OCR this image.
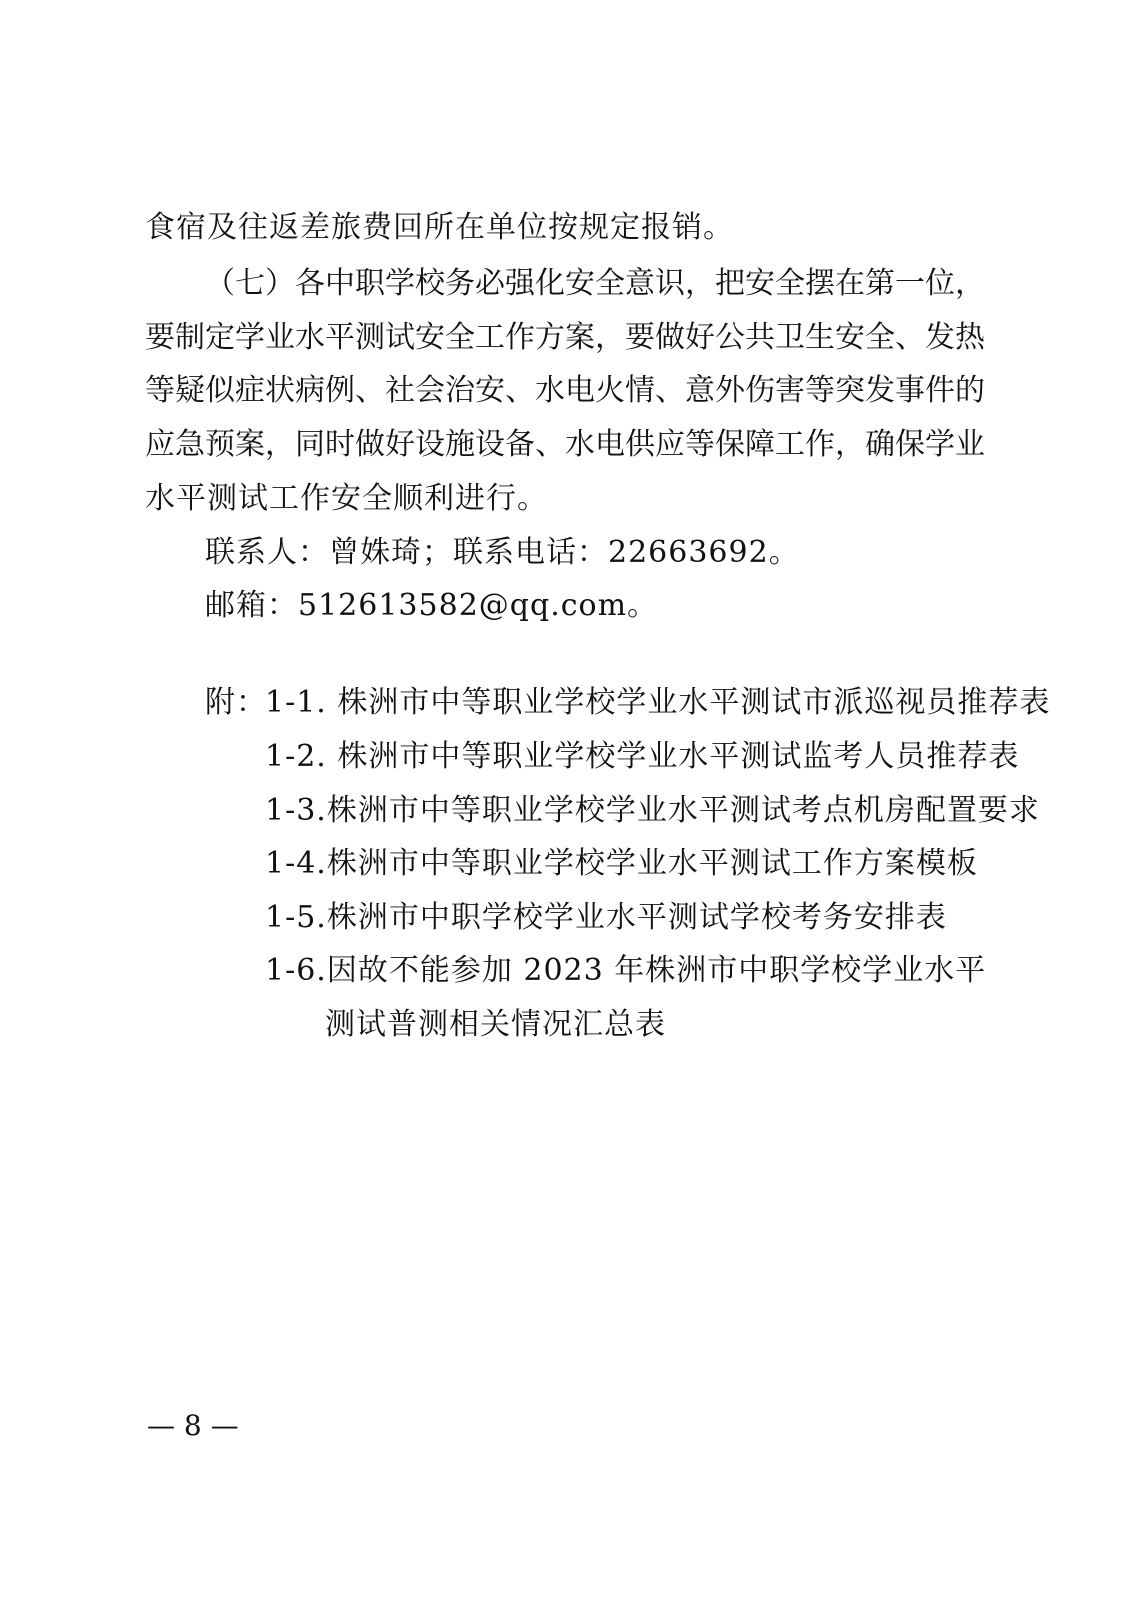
食宿及往返差旅费回所在单位按规定报销。
（七）各中职学校务必强化安全意识，把安全摆在第一位，
要制定学业水平测试安全工作方案，要做好公共卫生安全、发热
等疑似症状病例、社会治安、水电火情、意外伤害等突发事件的
应急预案，同时做好设施设备、水电供应等保障工作，确保学业
水平测试工作安全顺利进行。
联系人：曾姝琦；联系电话：22663692。
邮箱：512613582@qq.com。
附：
1-1. 株洲市中等职业学校学业水平测试市派巡视员推荐表
1-2. 株洲市中等职业学校学业水平测试监考人员推荐表
1-3.株洲市中等职业学校学业水平测试考点机房配置要求
1-4.株洲市中等职业学校学业水平测试工作方案模板
1-5.株洲市中职学校学业水平测试学校考务安排表
1-6.因故不能参加 2023 年株洲市中职学校学业水平
测试普测相关情况汇总表
— 8 —
